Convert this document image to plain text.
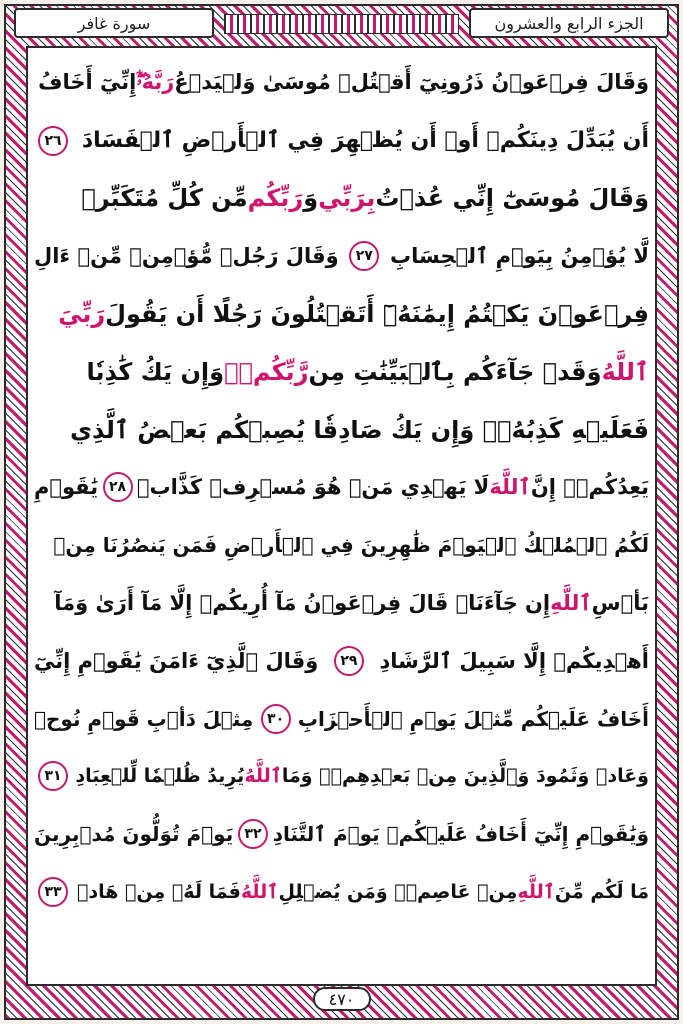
الجزء الرابع والعشرون
سورة غافر
وَقَالَ فِرۡعَوۡنُ ذَرُونِيٓ أَقۡتُلۡ مُوسَىٰ وَلۡيَدۡعُرَبَّهُۥٓۖإِنِّيٓ أَخَافُ
أَن يُبَدِّلَ دِينَكُمۡ أَوۡ أَن يُظۡهِرَ فِي ٱلۡأَرۡضِ ٱلۡفَسَادَ
٢٦
وَقَالَ مُوسَىٰٓ إِنِّي عُذۡتُبِرَبِّيوَرَبِّكُممِّن كُلِّ مُتَكَبِّرٖ
لَّا يُؤۡمِنُ بِيَوۡمِ ٱلۡحِسَابِ
٢٧
وَقَالَ رَجُلٞ مُّؤۡمِنٞ مِّنۡ ءَالِ
فِرۡعَوۡنَ يَكۡتُمُ إِيمَٰنَهُۥٓ أَتَقۡتُلُونَ رَجُلًا أَن يَقُولَرَبِّيَ
ٱللَّهُوَقَدۡ جَآءَكُم بِٱلۡبَيِّنَٰتِ مِنرَّبِّكُمۡۖوَإِن يَكُ كَٰذِبٗا
فَعَلَيۡهِ كَذِبُهُۥۖ وَإِن يَكُ صَادِقٗا يُصِبۡكُم بَعۡضُ ٱلَّذِي
يَعِدُكُمۡۖ إِنَّٱللَّهَلَا يَهۡدِي مَنۡ هُوَ مُسۡرِفٞ كَذَّابٞ
٢٨
يَٰقَوۡمِ
لَكُمُ ٱلۡمُلۡكُ ٱلۡيَوۡمَ ظَٰهِرِينَ فِي ٱلۡأَرۡضِ فَمَن يَنصُرُنَا مِنۢ
بَأۡسِٱللَّهِإِن جَآءَنَاۚ قَالَ فِرۡعَوۡنُ مَآ أُرِيكُمۡ إِلَّا مَآ أَرَىٰ وَمَآ
أَهۡدِيكُمۡ إِلَّا سَبِيلَ ٱلرَّشَادِ
٢٩
وَقَالَ ٱلَّذِيٓ ءَامَنَ يَٰقَوۡمِ إِنِّيٓ
أَخَافُ عَلَيۡكُم مِّثۡلَ يَوۡمِ ٱلۡأَحۡزَابِ
٣٠
مِثۡلَ دَأۡبِ قَوۡمِ نُوحٖ
وَعَادٖ وَثَمُودَ وَٱلَّذِينَ مِنۢ بَعۡدِهِمۡۚ وَمَاٱللَّهُيُرِيدُ ظُلۡمٗا لِّلۡعِبَادِ
٣١
وَيَٰقَوۡمِ إِنِّيٓ أَخَافُ عَلَيۡكُمۡ يَوۡمَ ٱلتَّنَادِ
٣٢
يَوۡمَ تُوَلُّونَ مُدۡبِرِينَ
مَا لَكُم مِّنَٱللَّهِمِنۡ عَاصِمٖۗ وَمَن يُضۡلِلِٱللَّهُفَمَا لَهُۥ مِنۡ هَادٖ
٣٣
٤٧٠
